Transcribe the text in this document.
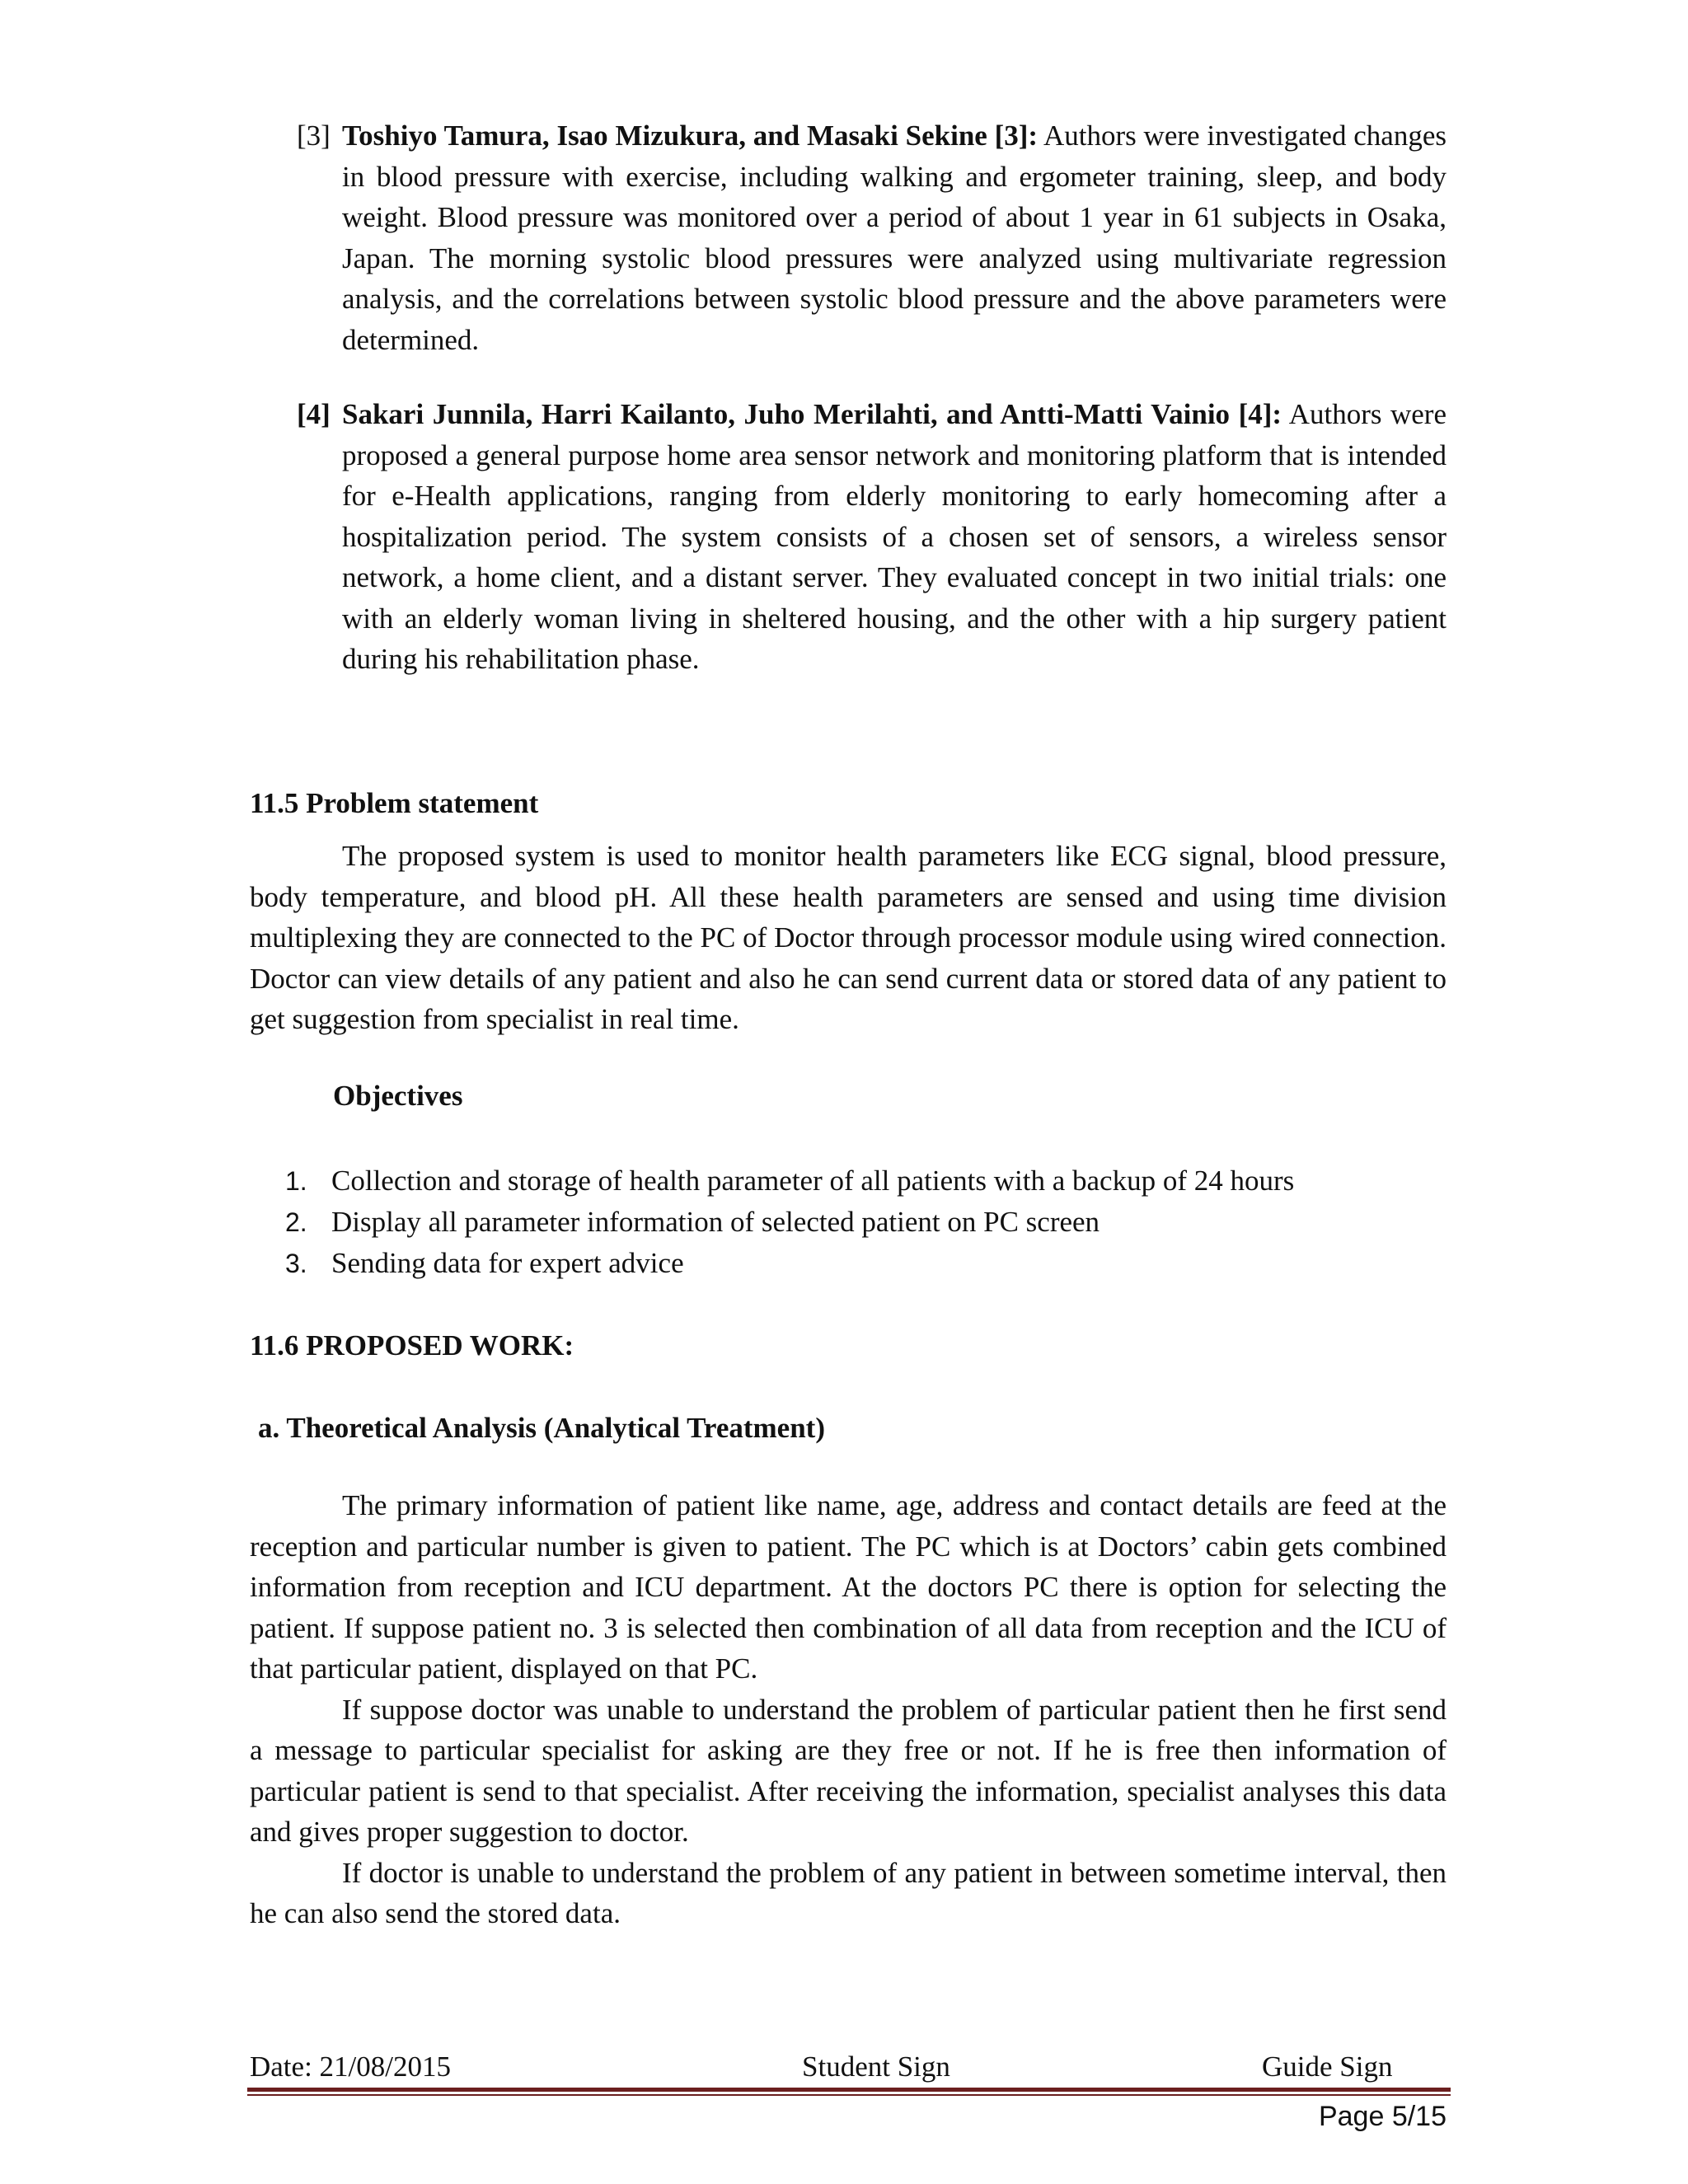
[3] Toshiyo Tamura, Isao Mizukura, and Masaki Sekine [3]: Authors were investigated changes in blood pressure with exercise, including walking and ergometer training, sleep, and body weight. Blood pressure was monitored over a period of about 1 year in 61 subjects in Osaka, Japan. The morning systolic blood pressures were analyzed using multivariate regression analysis, and the correlations between systolic blood pressure and the above parameters were determined.
[4] Sakari Junnila, Harri Kailanto, Juho Merilahti, and Antti-Matti Vainio [4]: Authors were proposed a general purpose home area sensor network and monitoring platform that is intended for e-Health applications, ranging from elderly monitoring to early homecoming after a hospitalization period. The system consists of a chosen set of sensors, a wireless sensor network, a home client, and a distant server. They evaluated concept in two initial trials: one with an elderly woman living in sheltered housing, and the other with a hip surgery patient during his rehabilitation phase.
11.5 Problem statement

The proposed system is used to monitor health parameters like ECG signal, blood pressure, body temperature, and blood pH. All these health parameters are sensed and using time division multiplexing they are connected to the PC of Doctor through processor module using wired connection. Doctor can view details of any patient and also he can send current data or stored data of any patient to get suggestion from specialist in real time.

Objectives
1. Collection and storage of health parameter of all patients with a backup of 24 hours
2. Display all parameter information of selected patient on PC screen
3. Sending data for expert advice
11.6 PROPOSED WORK:
a. Theoretical Analysis (Analytical Treatment)

The primary information of patient like name, age, address and contact details are feed at the reception and particular number is given to patient. The PC which is at Doctors’ cabin gets combined information from reception and ICU department. At the doctors PC there is option for selecting the patient. If suppose patient no. 3 is selected then combination of all data from reception and the ICU of that particular patient, displayed on that PC.

If suppose doctor was unable to understand the problem of particular patient then he first send a message to particular specialist for asking are they free or not. If he is free then information of particular patient is send to that specialist. After receiving the information, specialist analyses this data and gives proper suggestion to doctor.

If doctor is unable to understand the problem of any patient in between sometime interval, then he can also send the stored data.

Date: 21/08/2015	Student Sign	Guide Sign
Page 5/15
